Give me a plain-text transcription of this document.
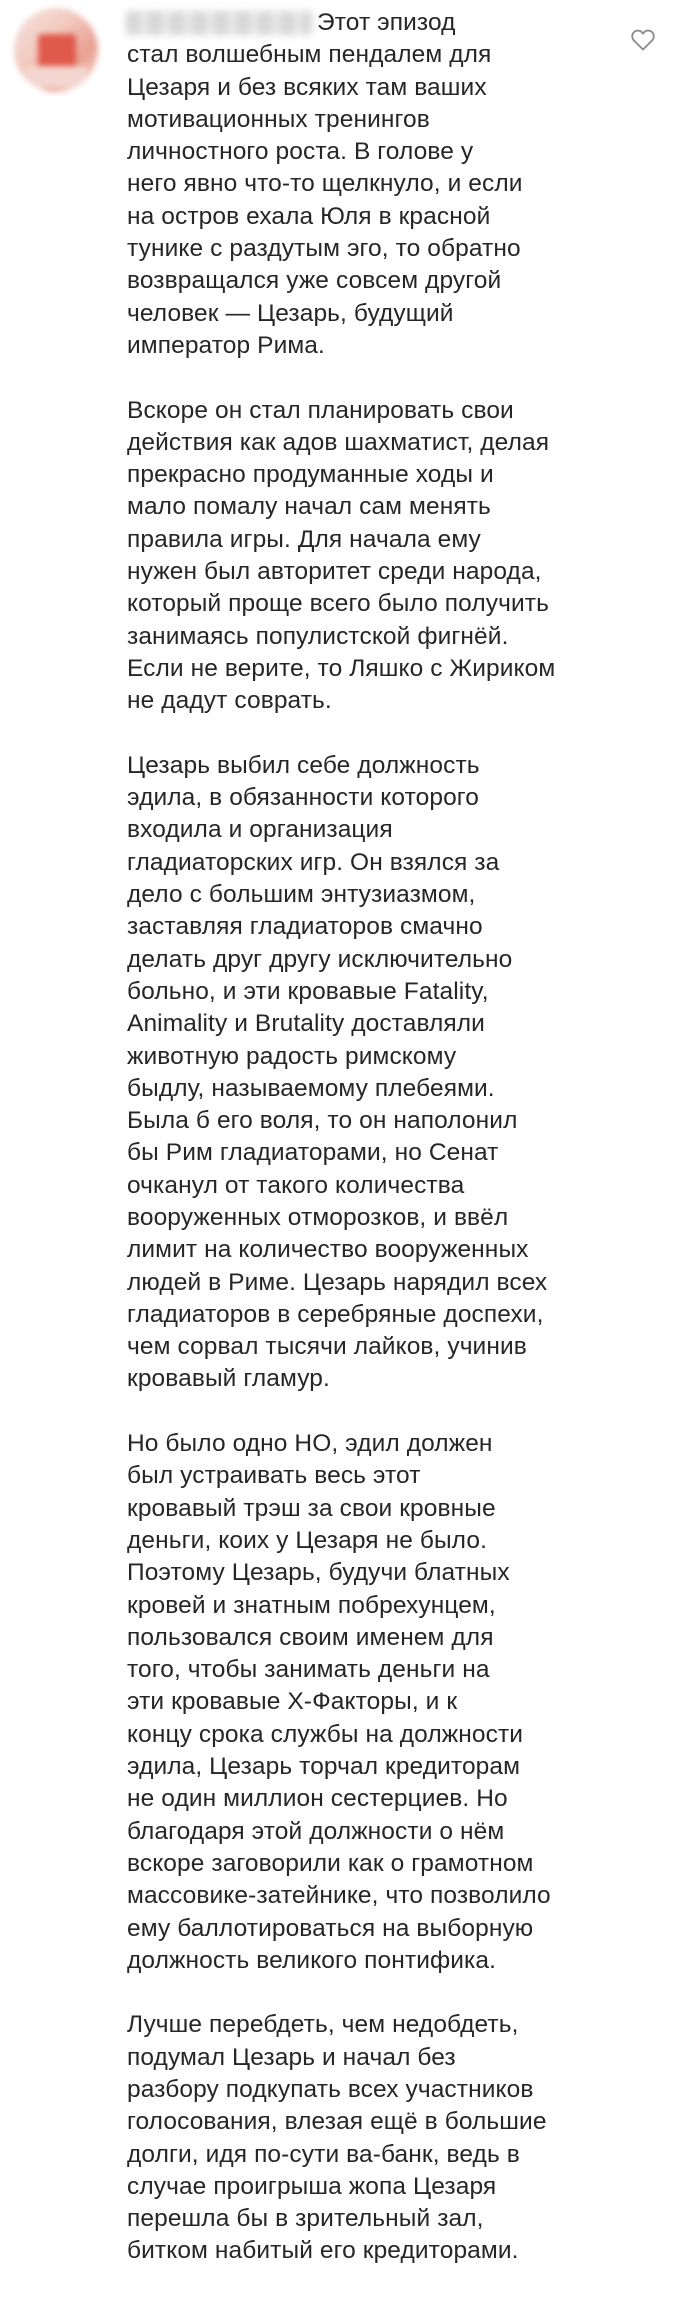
Этот эпизод
стал волшебным пендалем для
Цезаря и без всяких там ваших
мотивационных тренингов
личностного роста. В голове у
него явно что-то щелкнуло, и если
на остров ехала Юля в красной
тунике с раздутым эго, то обратно
возвращался уже совсем другой
человек — Цезарь, будущий
император Рима.
Вскоре он стал планировать свои
действия как адов шахматист, делая
прекрасно продуманные ходы и
мало помалу начал сам менять
правила игры. Для начала ему
нужен был авторитет среди народа,
который проще всего было получить
занимаясь популистской фигнёй.
Если не верите, то Ляшко с Жириком
не дадут соврать.
Цезарь выбил себе должность
эдила, в обязанности которого
входила и организация
гладиаторских игр. Он взялся за
дело с большим энтузиазмом,
заставляя гладиаторов смачно
делать друг другу исключительно
больно, и эти кровавые Fatality,
Animality и Brutality доставляли
животную радость римскому
быдлу, называемому плебеями.
Была б его воля, то он наполонил
бы Рим гладиаторами, но Сенат
очканул от такого количества
вооруженных отморозков, и ввёл
лимит на количество вооруженных
людей в Риме. Цезарь нарядил всех
гладиаторов в серебряные доспехи,
чем сорвал тысячи лайков, учинив
кровавый гламур.
Но было одно НО, эдил должен
был устраивать весь этот
кровавый трэш за свои кровные
деньги, коих у Цезаря не было.
Поэтому Цезарь, будучи блатных
кровей и знатным побрехунцем,
пользовался своим именем для
того, чтобы занимать деньги на
эти кровавые Х-Факторы, и к
концу срока службы на должности
эдила, Цезарь торчал кредиторам
не один миллион сестерциев. Но
благодаря этой должности о нём
вскоре заговорили как о грамотном
массовике-затейнике, что позволило
ему баллотироваться на выборную
должность великого понтифика.
Лучше перебдеть, чем недобдеть,
подумал Цезарь и начал без
разбору подкупать всех участников
голосования, влезая ещё в большие
долги, идя по-сути ва-банк, ведь в
случае проигрыша жопа Цезаря
перешла бы в зрительный зал,
битком набитый его кредиторами.
